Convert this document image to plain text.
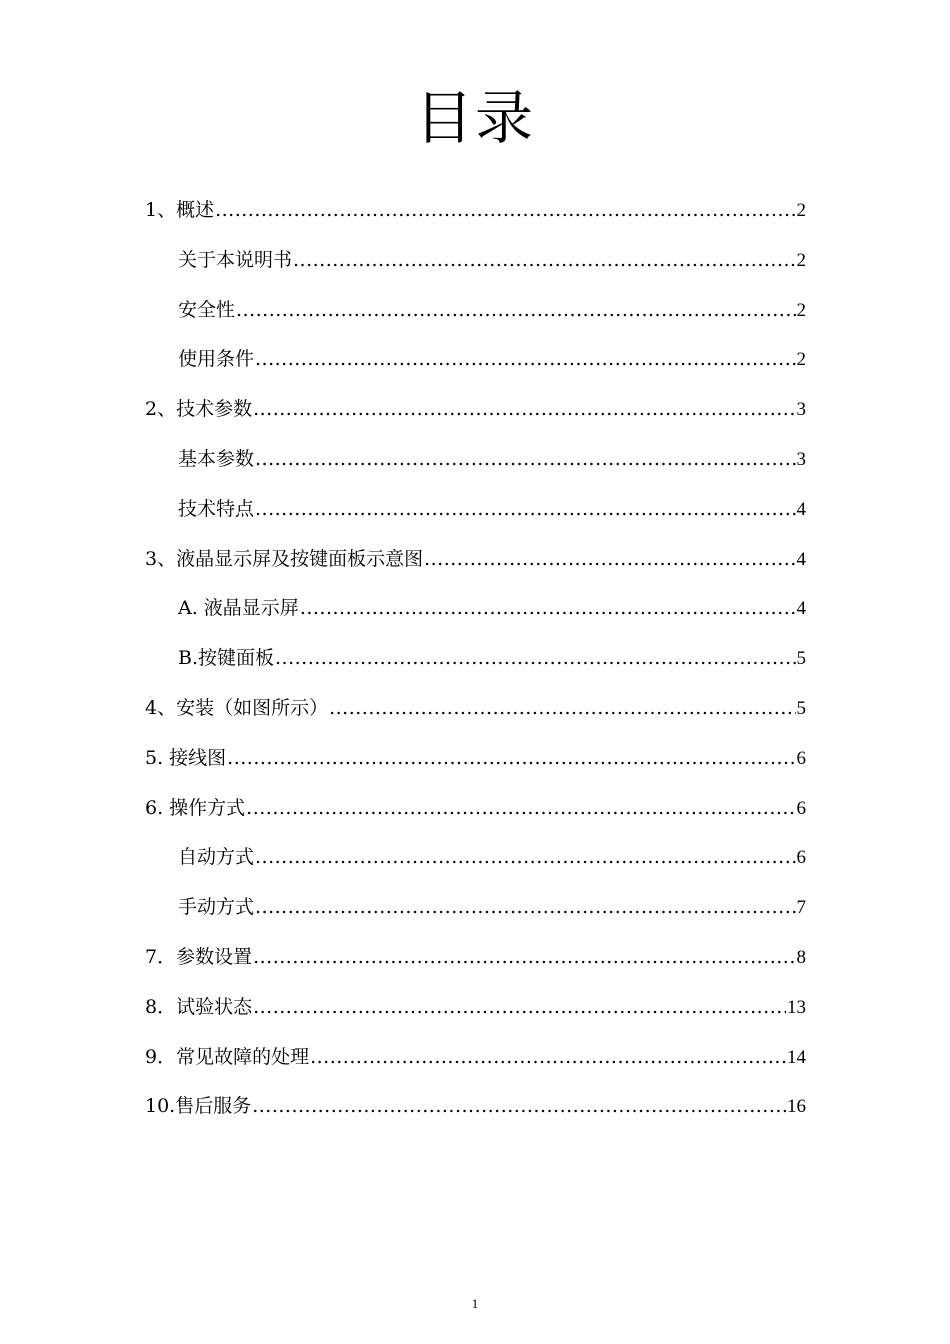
目录
1、概述 .....	2
关于本说明书 .....	2
安全性 .....	2
使用条件 .....	2
2、技术参数 .....	3
基本参数 .....	3
技术特点 .....	4
3、液晶显示屏及按键面板示意图 .....	4
A. 液晶显示屏 .....	4
B.按键面板 .....	5
4、安装（如图所示） .....	5
5. 接线图 .....	6
6. 操作方式 .....	6
自动方式 .....	6
手动方式 .....	7
7．参数设置 .....	8
8．试验状态 .....	13
9．常见故障的处理 .....	14
10.售后服务 .....	16
1
